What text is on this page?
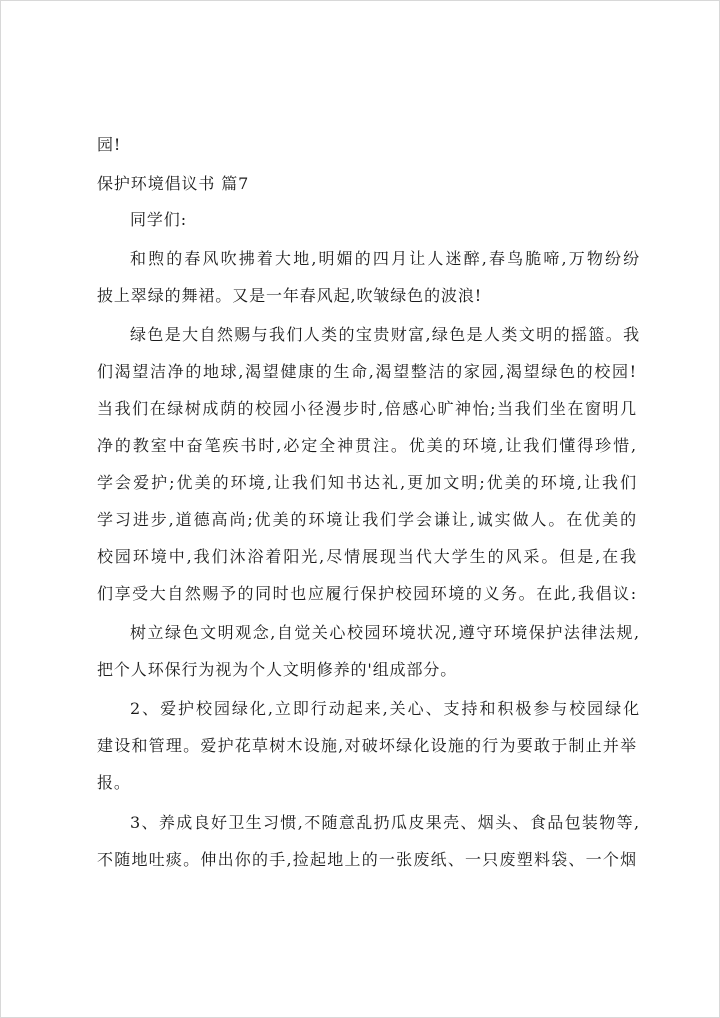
园!
保护环境倡议书 篇7
同学们:
和煦的春风吹拂着大地,明媚的四月让人迷醉,春鸟脆啼,万物纷纷
披上翠绿的舞裙。又是一年春风起,吹皱绿色的波浪!
绿色是大自然赐与我们人类的宝贵财富,绿色是人类文明的摇篮。我
们渴望洁净的地球,渴望健康的生命,渴望整洁的家园,渴望绿色的校园!
当我们在绿树成荫的校园小径漫步时,倍感心旷神怡;当我们坐在窗明几
净的教室中奋笔疾书时,必定全神贯注。优美的环境,让我们懂得珍惜,
学会爱护;优美的环境,让我们知书达礼,更加文明;优美的环境,让我们
学习进步,道德高尚;优美的环境让我们学会谦让,诚实做人。在优美的
校园环境中,我们沐浴着阳光,尽情展现当代大学生的风采。但是,在我
们享受大自然赐予的同时也应履行保护校园环境的义务。在此,我倡议:
树立绿色文明观念,自觉关心校园环境状况,遵守环境保护法律法规,
把个人环保行为视为个人文明修养的'组成部分。
2、爱护校园绿化,立即行动起来,关心、支持和积极参与校园绿化
建设和管理。爱护花草树木设施,对破坏绿化设施的行为要敢于制止并举
报。
3、养成良好卫生习惯,不随意乱扔瓜皮果壳、烟头、食品包装物等,
不随地吐痰。伸出你的手,捡起地上的一张废纸、一只废塑料袋、一个烟
